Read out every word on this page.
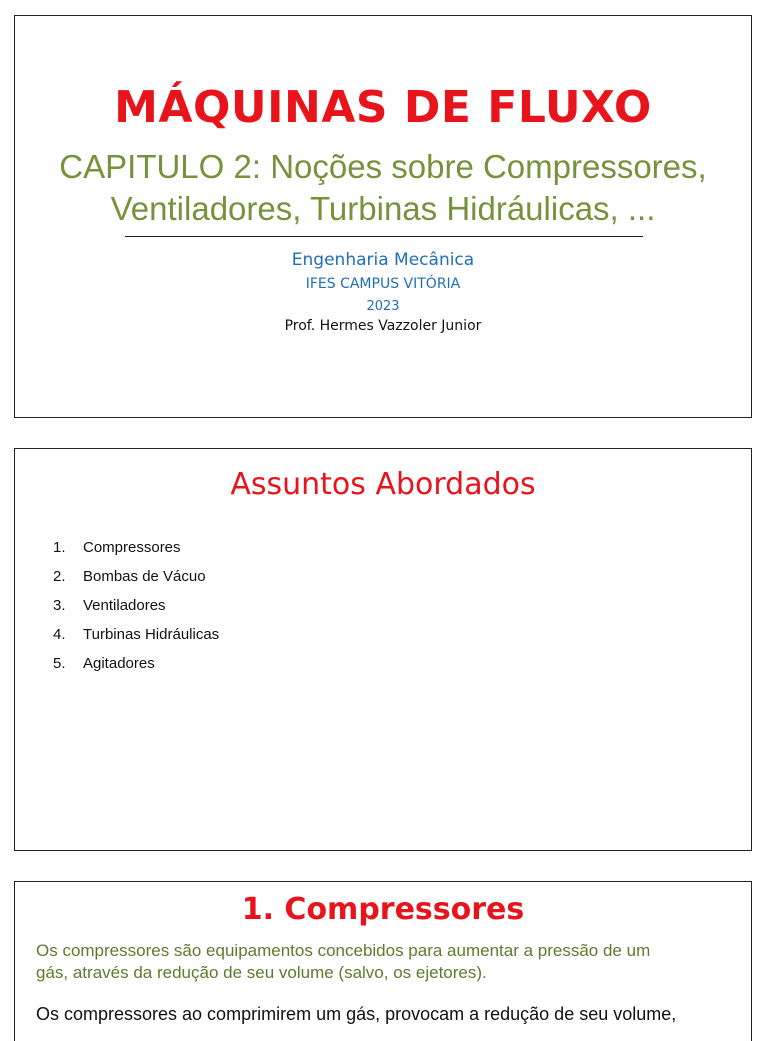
MÁQUINAS DE FLUXO
CAPITULO 2: Noções sobre Compressores,
Ventiladores, Turbinas Hidráulicas, ...
Engenharia Mecânica
IFES CAMPUS VITÓRIA
2023
Prof. Hermes Vazzoler Junior
Assuntos Abordados
1.	Compressores
2.	Bombas de Vácuo
3.	Ventiladores
4.	Turbinas Hidráulicas
5.	Agitadores
1. Compressores
Os compressores são equipamentos concebidos para aumentar a pressão de um
gás, através da redução de seu volume (salvo, os ejetores).
Os compressores ao comprimirem um gás, provocam a redução de seu volume,
